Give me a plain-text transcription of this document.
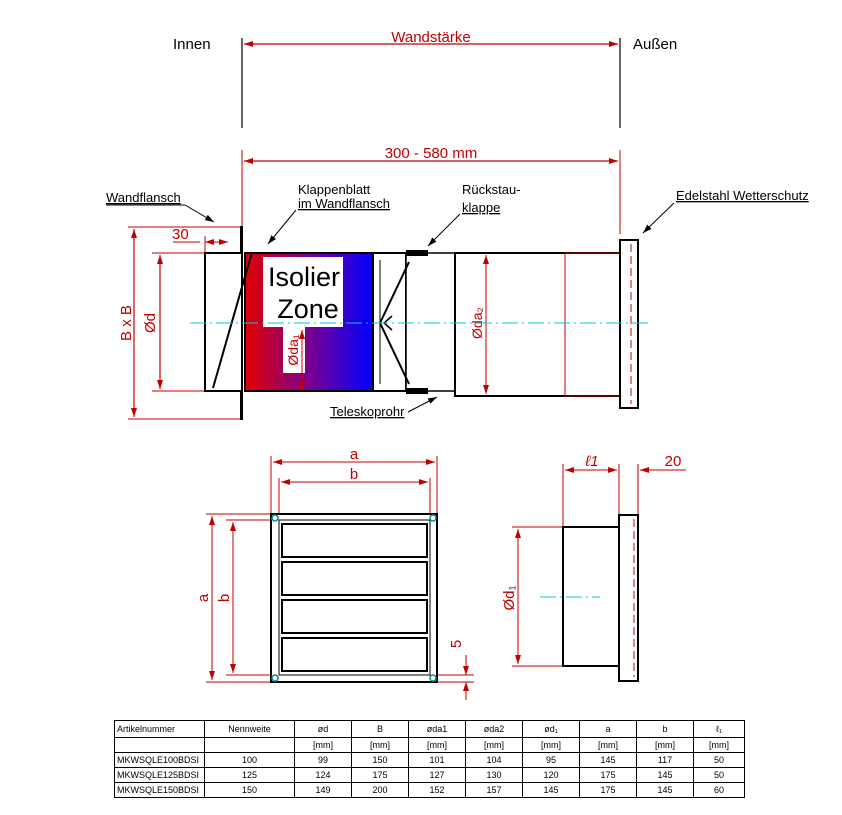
Innen	Außen
Wandstärke
300 - 580 mm
Wandflansch
Klappenblatt
im Wandflansch
Rückstau-
klappe
Edelstahl Wetterschutz
Teleskoprohr
30
B x B Ød
Isolier
Zone
Øda₁
Øda₂
a
b
a b
5
ℓ1	20
Ød₁
Artikelnummer	Nennweite	ød	B	øda1	øda2	ød₁	a	b	ℓ₁
		[mm]	[mm]	[mm]	[mm]	[mm]	[mm]	[mm]	[mm]
MKWSQLE100BDSI	100	99	150	101	104	95	145	117	50
MKWSQLE125BDSI	125	124	175	127	130	120	175	145	50
MKWSQLE150BDSI	150	149	200	152	157	145	175	145	60
